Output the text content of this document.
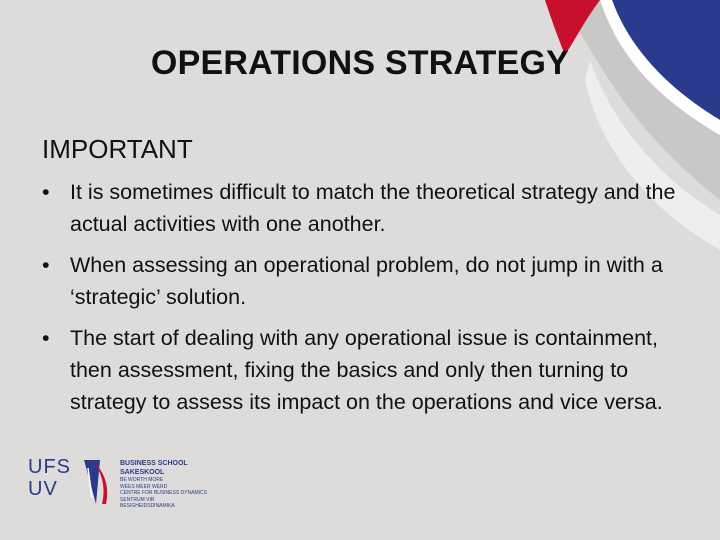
OPERATIONS STRATEGY
IMPORTANT
• It is sometimes difficult to match the theoretical strategy and the actual activities with one another.
• When assessing an operational problem, do not jump in with a ‘strategic’ solution.
• The start of dealing with any operational issue is containment, then assessment, fixing the basics and only then turning to strategy to assess its impact on the operations and vice versa.
UFS
UV
BUSINESS SCHOOL
SAKESKOOL
BE WORTH MORE
WEES MEER WERD
CENTRE FOR BUSINESS DYNAMICS
SENTRUM VIR BESIGHEIDSDINAMIKA
